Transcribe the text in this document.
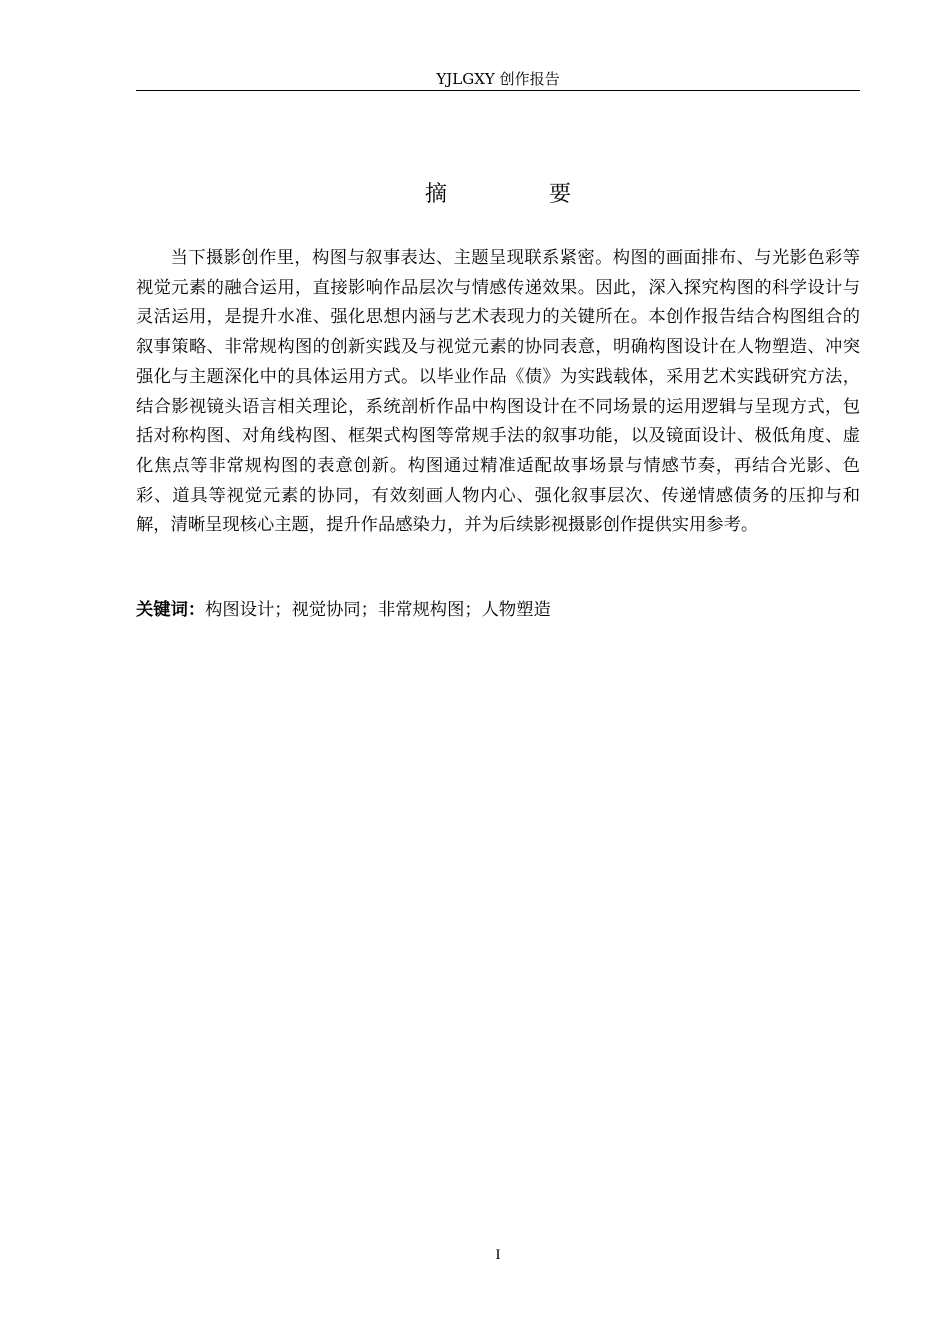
YJLGXY 创作报告
摘　要

当下摄影创作里，构图与叙事表达、主题呈现联系紧密。构图的画面排布、与光影色彩等视觉元素的融合运用，直接影响作品层次与情感传递效果。因此，深入探究构图的科学设计与灵活运用，是提升水准、强化思想内涵与艺术表现力的关键所在。本创作报告结合构图组合的叙事策略、非常规构图的创新实践及与视觉元素的协同表意，明确构图设计在人物塑造、冲突强化与主题深化中的具体运用方式。以毕业作品《债》为实践载体，采用艺术实践研究方法，结合影视镜头语言相关理论，系统剖析作品中构图设计在不同场景的运用逻辑与呈现方式，包括对称构图、对角线构图、框架式构图等常规手法的叙事功能，以及镜面设计、极低角度、虚化焦点等非常规构图的表意创新。构图通过精准适配故事场景与情感节奏，再结合光影、色彩、道具等视觉元素的协同，有效刻画人物内心、强化叙事层次、传递情感债务的压抑与和解，清晰呈现核心主题，提升作品感染力，并为后续影视摄影创作提供实用参考。

关键词：构图设计；视觉协同；非常规构图；人物塑造
I
